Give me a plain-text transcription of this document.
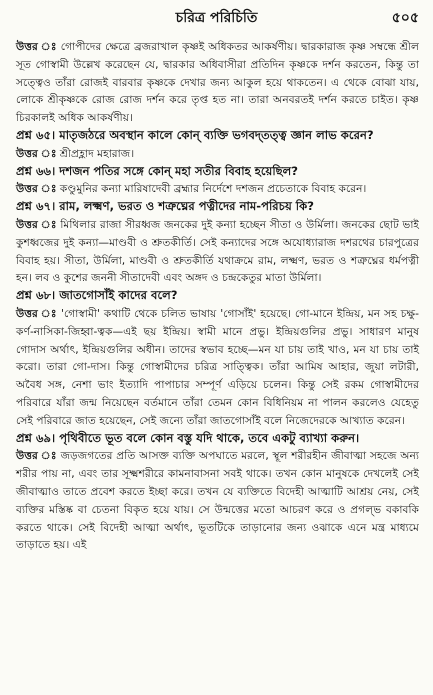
চরিত্র পরিচিতি	৫০৫

উত্তর ঃ গোপীদের ক্ষেত্রে ব্রজরাখাল কৃষ্ণই অধিকতর আকর্ষণীয়। দ্বারকারাজ কৃষ্ণ সম্বন্ধে শ্রীল সূত গোস্বামী উল্লেখ করেছেন যে, দ্বারকার অধিবাসীরা প্রতিদিন কৃষ্ণকে দর্শন করতেন, কিন্তু তা সত্ত্বেও তাঁরা রোজই বারবার কৃষ্ণকে দেখার জন্য আকুল হয়ে থাকতেন। এ থেকে বোঝা যায়, লোকে শ্রীকৃষ্ণকে রোজ রোজ দর্শন করে তৃপ্ত হত না। তারা অনবরতই দর্শন করতে চাইত। কৃষ্ণ চিরকালই অধিক আকর্ষণীয়।

প্রশ্ন ৬৫। মাতৃজঠরে অবস্থান কালে কোন্ ব্যক্তি ভগবদ্তত্ত্ব জ্ঞান লাভ করেন?

উত্তর ঃ শ্রীপ্রহ্লাদ মহারাজ।

প্রশ্ন ৬৬। দশজন পতির সঙ্গে কোন্ মহা সতীর বিবাহ হয়েছিল?

উত্তর ঃ কণ্ডুমুনির কন্যা মারিষাদেবী ব্রহ্মার নির্দেশে দশজন প্রচেতাকে বিবাহ করেন।

প্রশ্ন ৬৭। রাম, লক্ষ্মণ, ভরত ও শত্রুঘ্নের পত্নীদের নাম-পরিচয় কি?

উত্তর ঃ মিথিলার রাজা সীরধ্বজ জনকের দুই কন্যা হচ্ছেন সীতা ও উর্মিলা। জনকের ছোট ভাই কুশধ্বজের দুই কন্যা—মাণ্ডবী ও শ্রুতকীর্তি। সেই কন্যাদের সঙ্গে অযোধ্যারাজ দশরথের চারপুত্রের বিবাহ হয়। সীতা, উর্মিলা, মাণ্ডবী ও শ্রুতকীর্তি যথাক্রমে রাম, লক্ষ্মণ, ভরত ও শত্রুঘ্নের ধর্মপত্নী হন। লব ও কুশের জননী সীতাদেবী এবং অঙ্গদ ও চন্দ্রকেতুর মাতা উর্মিলা।

প্রশ্ন ৬৮। জাতগোসাঁই কাদের বলে?

উত্তর ঃ 'গোস্বামী' কথাটি থেকে চলিত ভাষায় 'গোসাঁই' হয়েছে। গো-মানে ইন্দ্রিয়, মন সহ চক্ষু-কর্ণ-নাসিকা-জিহ্বা-ত্বক—এই ছয় ইন্দ্রিয়। স্বামী মানে প্রভু। ইন্দ্রিয়গুলির প্রভু। সাধারণ মানুষ গোদাস অর্থাৎ, ইন্দ্রিয়গুলির অধীন। তাদের স্বভাব হচ্ছে—মন যা চায় তাই খাও, মন যা চায় তাই করো। তারা গো-দাস। কিন্তু গোস্বামীদের চরিত্র সাত্ত্বিক। তাঁরা আমিষ আহার, জুয়া লটারী, অবৈধ সঙ্গ, নেশা ভাং ইত্যাদি পাপাচার সম্পূর্ণ এড়িয়ে চলেন। কিন্তু সেই রকম গোস্বামীদের পরিবারে যাঁরা জন্ম নিয়েছেন বর্তমানে তাঁরা তেমন কোন বিধিনিয়ম না পালন করলেও যেহেতু সেই পরিবারে জাত হয়েছেন, সেই জন্যে তাঁরা জাতগোসাঁই বলে নিজেদেরকে আখ্যাত করেন।

প্রশ্ন ৬৯। পৃথিবীতে ভূত বলে কোন বস্তু যদি থাকে, তবে একটু ব্যাখ্যা করুন।

উত্তর ঃ জড়জগতের প্রতি আসক্ত ব্যক্তি অপঘাতে মরলে, স্থূল শরীরহীন জীবাত্মা সহজে অন্য শরীর পায় না, এবং তার সূক্ষ্মশরীরে কামনাবাসনা সবই থাকে। তখন কোন মানুষকে দেখলেই সেই জীবাত্মাও তাতে প্রবেশ করতে ইচ্ছা করে। তখন যে ব্যক্তিতে বিদেহী আত্মাটি আশ্রয় নেয়, সেই ব্যক্তির মস্তিষ্ক বা চেতনা বিকৃত হয়ে যায়। সে উন্মত্তের মতো আচরণ করে ও প্রগল্ভ বকাবকি করতে থাকে। সেই বিদেহী আত্মা অর্থাৎ, ভূতটিকে তাড়ানোর জন্য ওঝাকে এনে মন্ত্র মাধ্যমে তাড়াতে হয়। এই
